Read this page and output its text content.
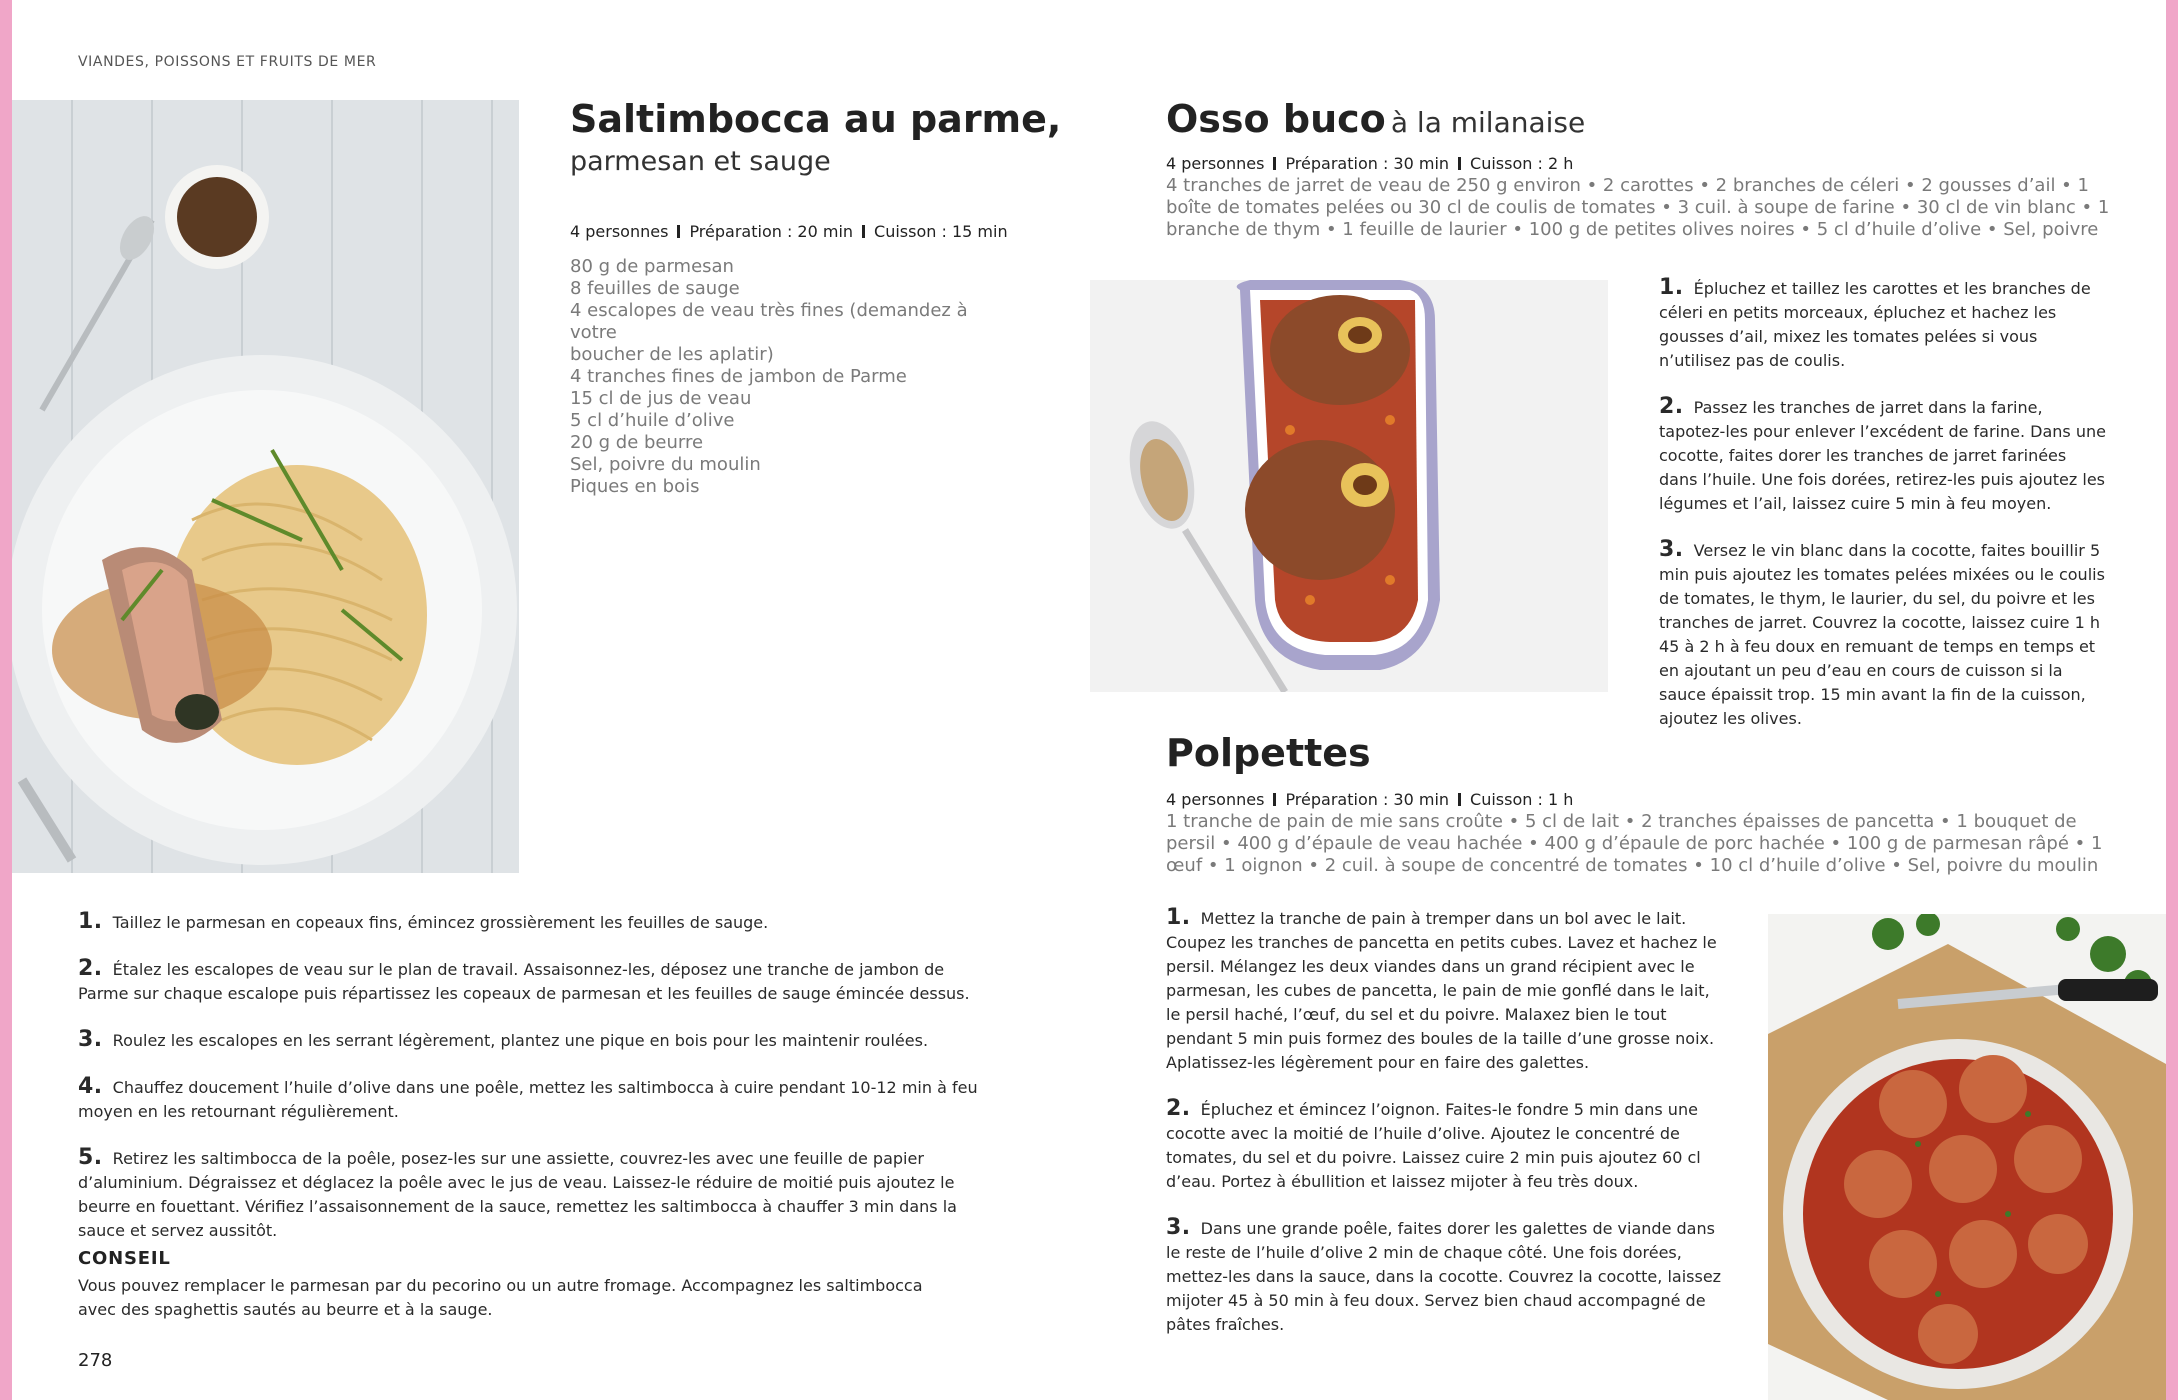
VIANDES, POISSONS ET FRUITS DE MER
Saltimbocca au parme,
parmesan et sauge
4 personnes Préparation : 20 min Cuisson : 15 min
80 g de parmesan
8 feuilles de sauge
4 escalopes de veau très fines (demandez à votre
boucher de les aplatir)
4 tranches fines de jambon de Parme
15 cl de jus de veau
5 cl d’huile d’olive
20 g de beurre
Sel, poivre du moulin
Piques en bois
1. Taillez le parmesan en copeaux fins, émincez grossièrement les feuilles de sauge.
2. Étalez les escalopes de veau sur le plan de travail. Assaisonnez-les, déposez une tranche de jambon de Parme sur chaque escalope puis répartissez les copeaux de parmesan et les feuilles de sauge émincée dessus.
3. Roulez les escalopes en les serrant légèrement, plantez une pique en bois pour les maintenir roulées.
4. Chauffez doucement l’huile d’olive dans une poêle, mettez les saltimbocca à cuire pendant 10-12 min à feu moyen en les retournant régulièrement.
5. Retirez les saltimbocca de la poêle, posez-les sur une assiette, couvrez-les avec une feuille de papier d’aluminium. Dégraissez et déglacez la poêle avec le jus de veau. Laissez-le réduire de moitié puis ajoutez le beurre en fouettant. Vérifiez l’assaisonnement de la sauce, remettez les saltimbocca à chauffer 3 min dans la sauce et servez aussitôt.
CONSEIL

Vous pouvez remplacer le parmesan par du pecorino ou un autre fromage. Accompagnez les saltimbocca avec des spaghettis sautés au beurre et à la sauge.

278
Osso buco à la milanaise
4 personnes Préparation : 30 min Cuisson : 2 h

4 tranches de jarret de veau de 250 g environ • 2 carottes • 2 branches de céleri • 2 gousses d’ail • 1 boîte de tomates pelées ou 30 cl de coulis de tomates • 3 cuil. à soupe de farine • 30 cl de vin blanc • 1 branche de thym • 1 feuille de laurier • 100 g de petites olives noires • 5 cl d’huile d’olive • Sel, poivre

1. Épluchez et taillez les carottes et les branches de céleri en petits morceaux, épluchez et hachez les gousses d’ail, mixez les tomates pelées si vous n’utilisez pas de coulis.
2. Passez les tranches de jarret dans la farine, tapotez-les pour enlever l’excédent de farine. Dans une cocotte, faites dorer les tranches de jarret farinées dans l’huile. Une fois dorées, retirez-les puis ajoutez les légumes et l’ail, laissez cuire 5 min à feu moyen.
3. Versez le vin blanc dans la cocotte, faites bouillir 5 min puis ajoutez les tomates pelées mixées ou le coulis de tomates, le thym, le laurier, du sel, du poivre et les tranches de jarret. Couvrez la cocotte, laissez cuire 1 h 45 à 2 h à feu doux en remuant de temps en temps et en ajoutant un peu d’eau en cours de cuisson si la sauce épaissit trop. 15 min avant la fin de la cuisson, ajoutez les olives.
Polpettes
4 personnes Préparation : 30 min Cuisson : 1 h

1 tranche de pain de mie sans croûte • 5 cl de lait • 2 tranches épaisses de pancetta • 1 bouquet de persil • 400 g d’épaule de veau hachée • 400 g d’épaule de porc hachée • 100 g de parmesan râpé • 1 œuf • 1 oignon • 2 cuil. à soupe de concentré de tomates • 10 cl d’huile d’olive • Sel, poivre du moulin

1. Mettez la tranche de pain à tremper dans un bol avec le lait. Coupez les tranches de pancetta en petits cubes. Lavez et hachez le persil. Mélangez les deux viandes dans un grand récipient avec le parmesan, les cubes de pancetta, le pain de mie gonflé dans le lait, le persil haché, l’œuf, du sel et du poivre. Malaxez bien le tout pendant 5 min puis formez des boules de la taille d’une grosse noix. Aplatissez-les légèrement pour en faire des galettes.
2. Épluchez et émincez l’oignon. Faites-le fondre 5 min dans une cocotte avec la moitié de l’huile d’olive. Ajoutez le concentré de tomates, du sel et du poivre. Laissez cuire 2 min puis ajoutez 60 cl d’eau. Portez à ébullition et laissez mijoter à feu très doux.
3. Dans une grande poêle, faites dorer les galettes de viande dans le reste de l’huile d’olive 2 min de chaque côté. Une fois dorées, mettez-les dans la sauce, dans la cocotte. Couvrez la cocotte, laissez mijoter 45 à 50 min à feu doux. Servez bien chaud accompagné de pâtes fraîches.
